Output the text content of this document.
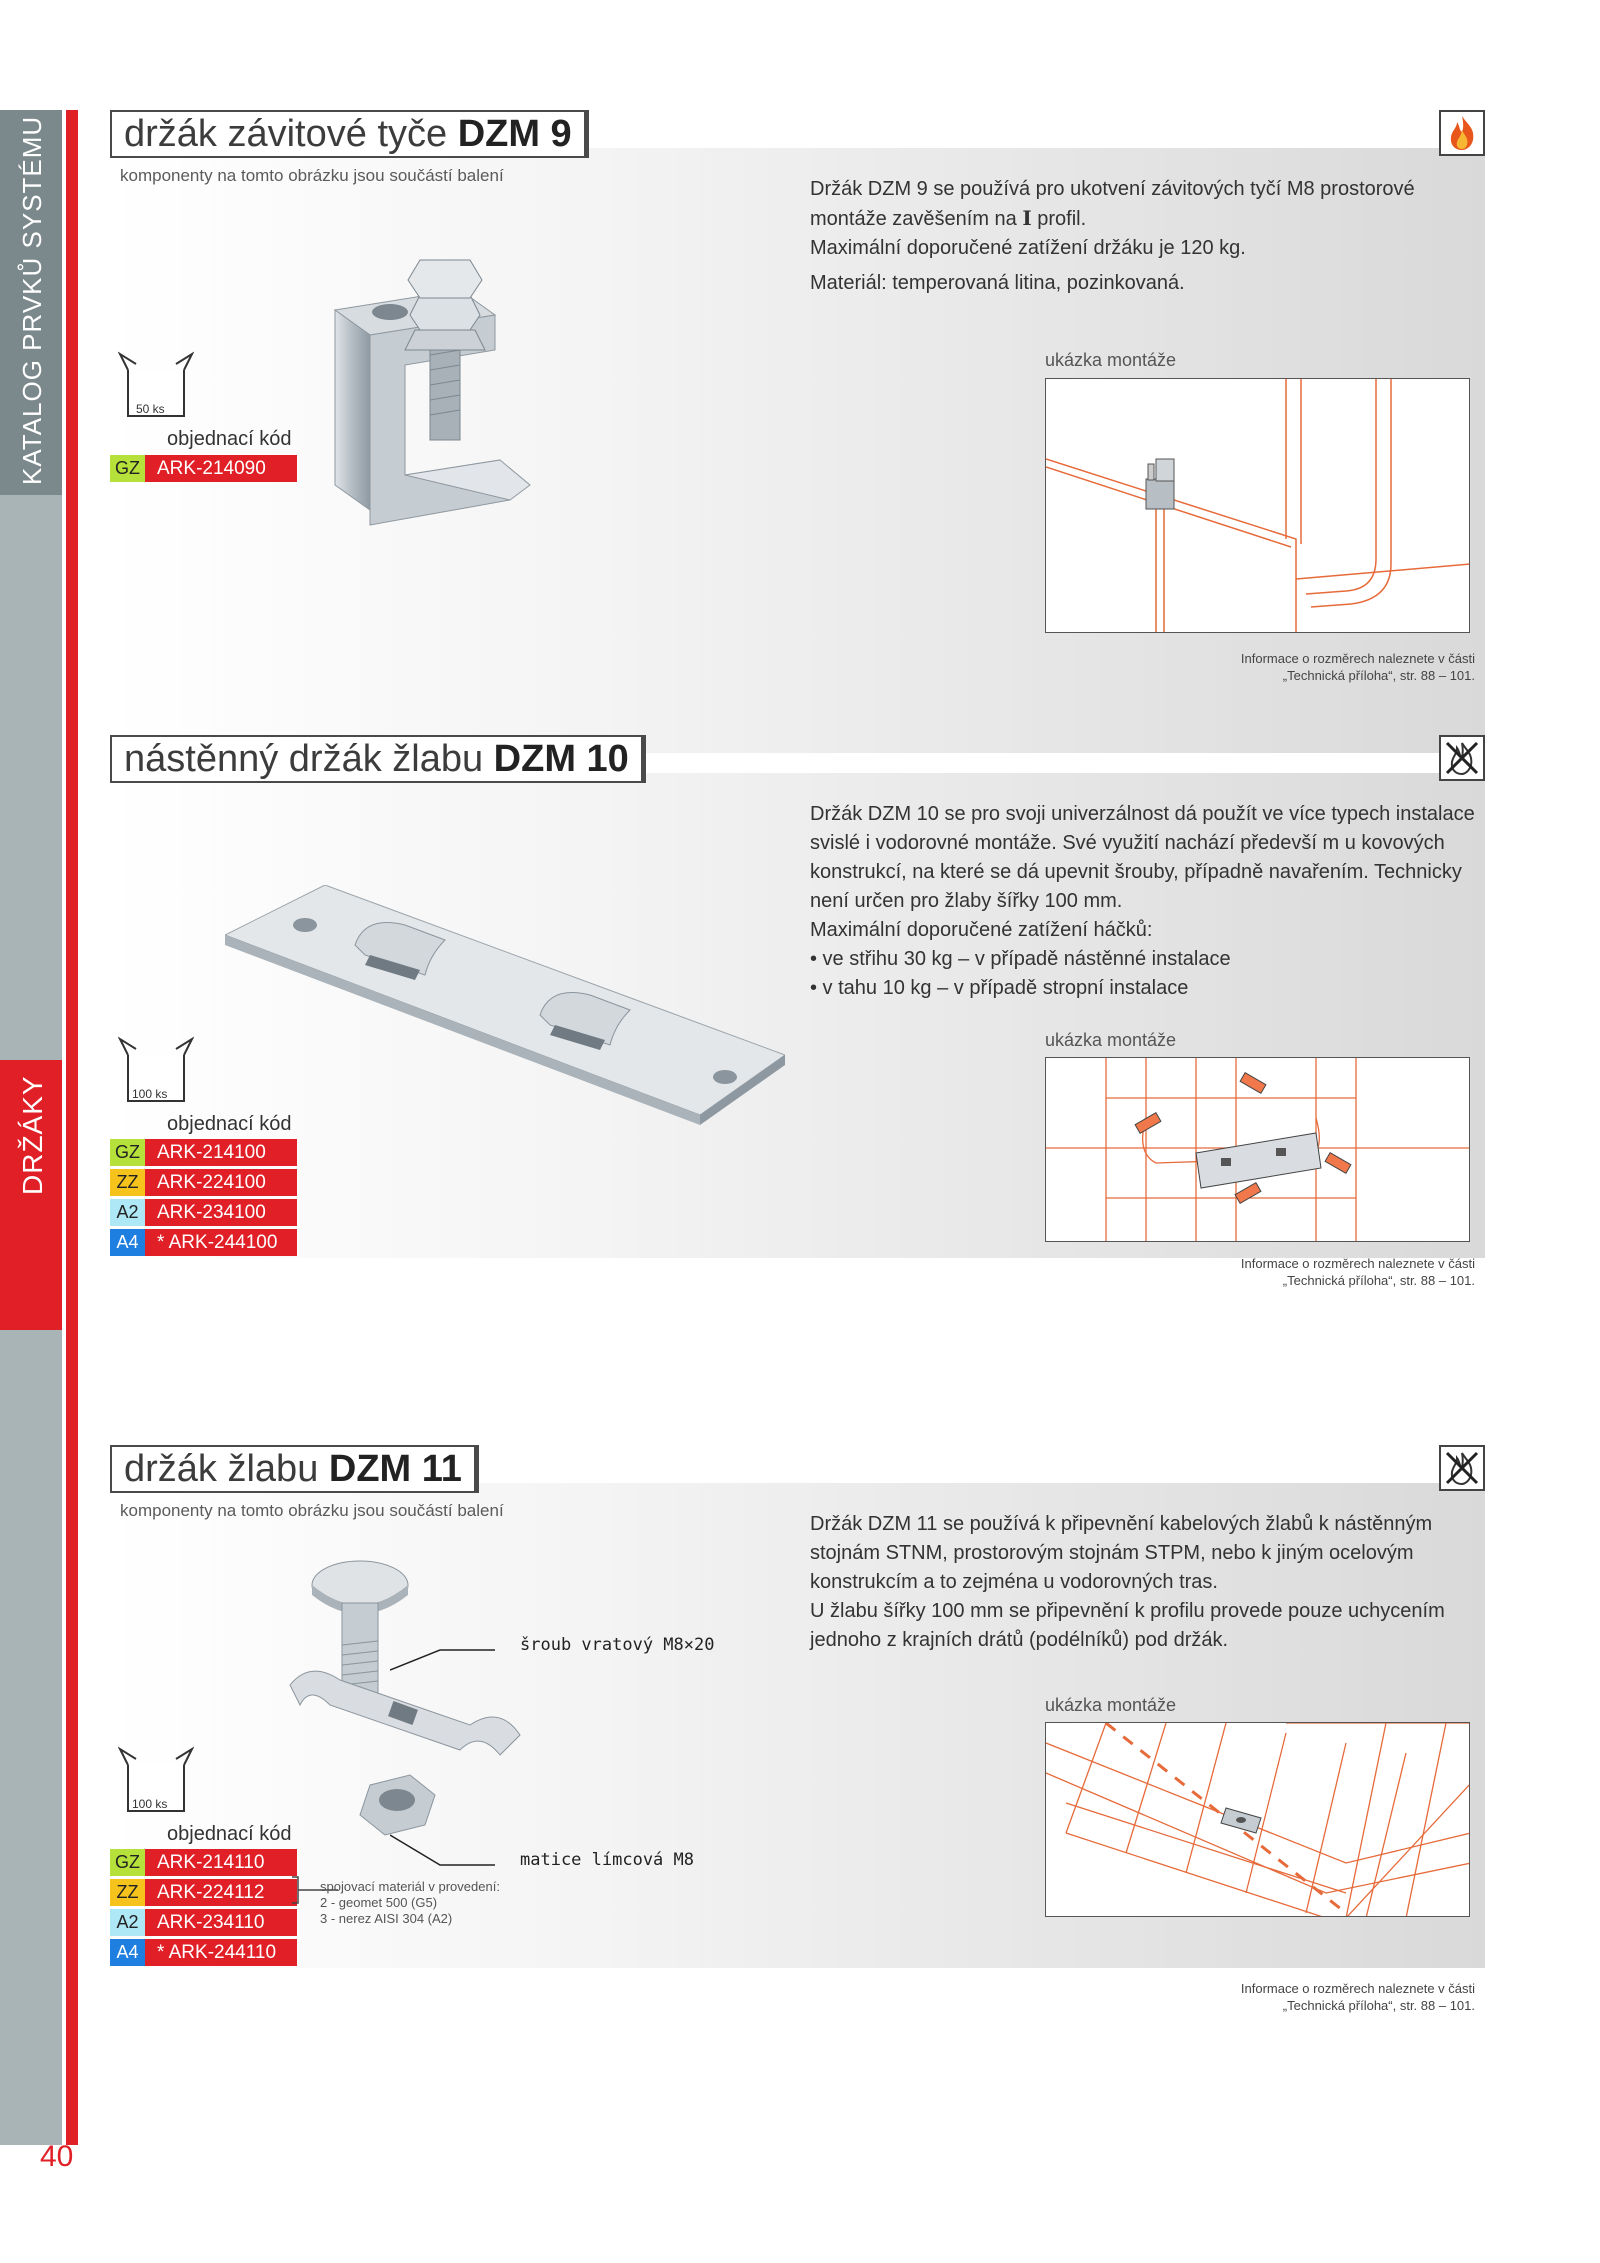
KATALOG PRVKŮ SYSTÉMU
DRŽÁKY
40
držák závitové tyče DZM 9
komponenty na tomto obrázku jsou součástí balení
Držák DZM 9 se používá pro ukotvení závitových tyčí M8 prostorové montáže zavěšením na I profil.
Maximální doporučené zatížení držáku je 120 kg.
Materiál: temperovaná litina, pozinkovaná.
ukázka montáže
50 ks
objednací kód
GZ ARK-214090
Informace o rozměrech naleznete v části
„Technická příloha“, str. 88 – 101.
nástěnný držák žlabu DZM 10
Držák DZM 10 se pro svoji univerzálnost dá použít ve více typech instalace svislé i vodorovné montáže. Své využití nachází předevší m u kovových konstrukcí, na které se dá upevnit šrouby, případně navařením. Technicky není určen pro žlaby šířky 100 mm.
Maximální doporučené zatížení háčků:
• ve střihu 30 kg – v případě nástěnné instalace
• v tahu 10 kg – v případě stropní instalace
ukázka montáže
100 ks
objednací kód
GZ ARK-214100
ZZ ARK-224100
A2 ARK-234100
A4 * ARK-244100
Informace o rozměrech naleznete v části
„Technická příloha“, str. 88 – 101.
držák žlabu DZM 11
komponenty na tomto obrázku jsou součástí balení
šroub vratový M8×20
matice límcová M8
Držák DZM 11 se používá k připevnění kabelových žlabů k nástěnným stojnám STNM, prostorovým stojnám STPM, nebo k jiným ocelovým konstrukcím a to zejména u vodorovných tras.
U žlabu šířky 100 mm se připevnění k profilu provede pouze uchycením jednoho z krajních drátů (podélníků) pod držák.
ukázka montáže
100 ks
objednací kód
GZ ARK-214110
ZZ ARK-224112
A2 ARK-234110
A4 * ARK-244110
spojovací materiál v provedení:
2 - geomet 500 (G5)
3 - nerez AISI 304 (A2)
Informace o rozměrech naleznete v části
„Technická příloha“, str. 88 – 101.
